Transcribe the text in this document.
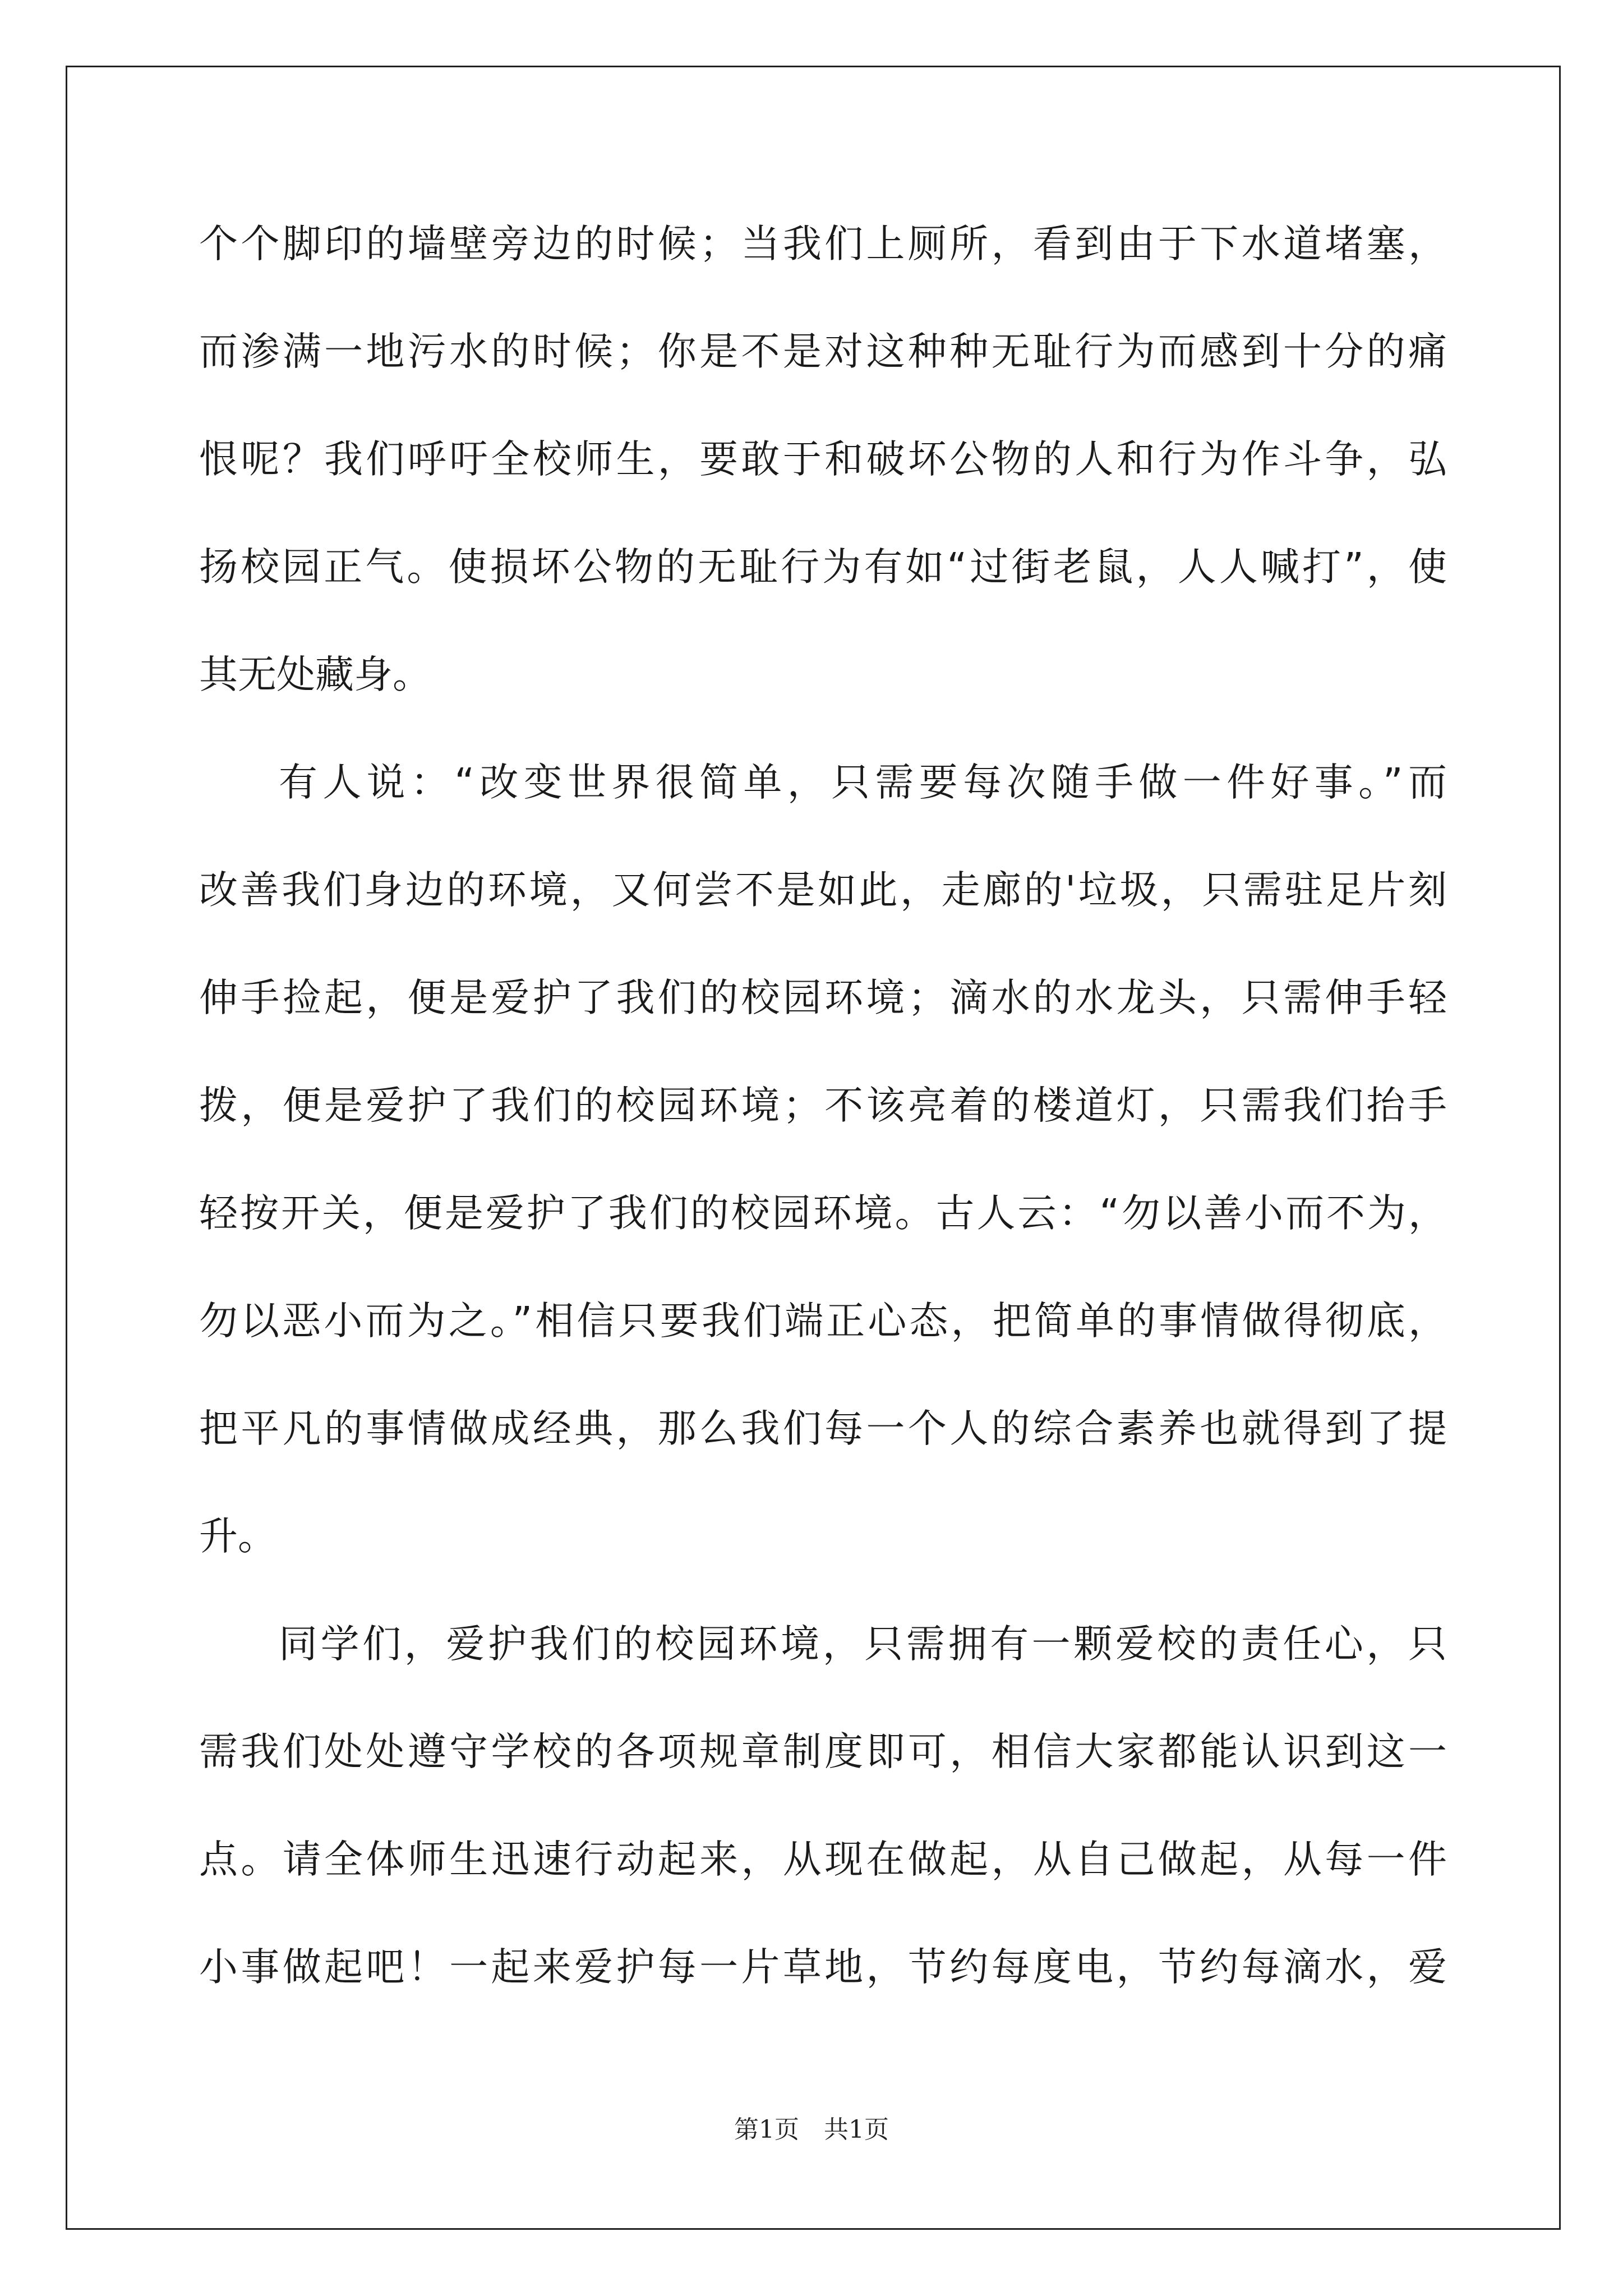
个个脚印的墙壁旁边的时候；当我们上厕所，看到由于下水道堵塞，
而渗满一地污水的时候；你是不是对这种种无耻行为而感到十分的痛
恨呢？我们呼吁全校师生，要敢于和破坏公物的人和行为作斗争，弘
扬校园正气。使损坏公物的无耻行为有如“过街老鼠，人人喊打”，使
其无处藏身。
有人说：“改变世界很简单，只需要每次随手做一件好事。”而
改善我们身边的环境，又何尝不是如此，走廊的'垃圾，只需驻足片刻
伸手捡起，便是爱护了我们的校园环境；滴水的水龙头，只需伸手轻
拨，便是爱护了我们的校园环境；不该亮着的楼道灯，只需我们抬手
轻按开关，便是爱护了我们的校园环境。古人云：“勿以善小而不为，
勿以恶小而为之。”相信只要我们端正心态，把简单的事情做得彻底，
把平凡的事情做成经典，那么我们每一个人的综合素养也就得到了提
升。
同学们，爱护我们的校园环境，只需拥有一颗爱校的责任心，只
需我们处处遵守学校的各项规章制度即可，相信大家都能认识到这一
点。请全体师生迅速行动起来，从现在做起，从自己做起，从每一件
小事做起吧！一起来爱护每一片草地，节约每度电，节约每滴水，爱
第1页　共1页
